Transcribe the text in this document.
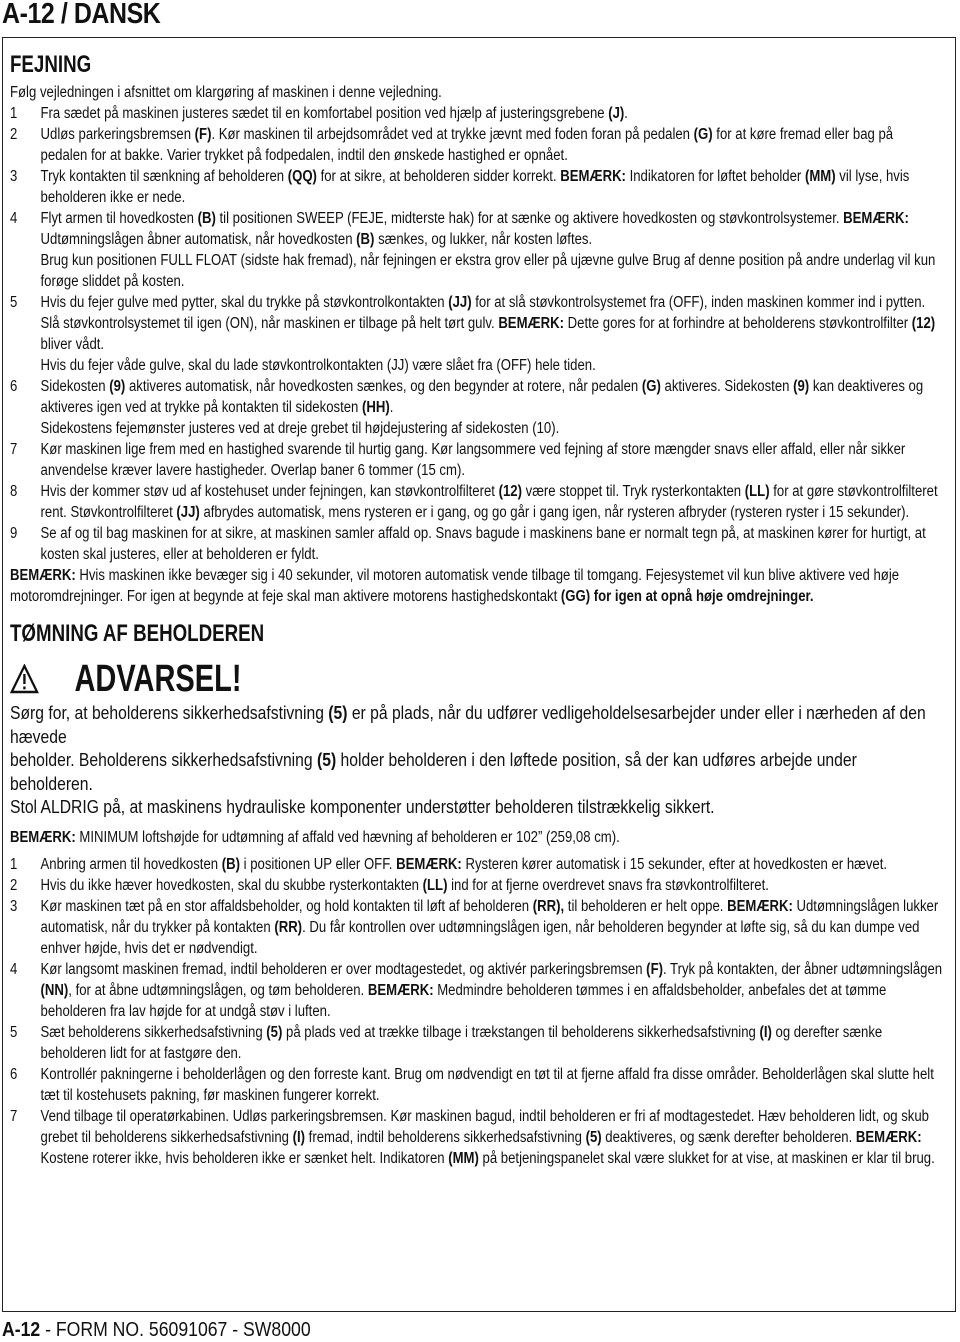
A-12 / DANSK
FEJNING

Følg vejledningen i afsnittet om klargøring af maskinen i denne vejledning.

1 Fra sædet på maskinen justeres sædet til en komfortabel position ved hjælp af justeringsgrebene (J).

2 Udløs parkeringsbremsen (F). Kør maskinen til arbejdsområdet ved at trykke jævnt med foden foran på pedalen (G) for at køre fremad eller bag på pedalen for at bakke. Varier trykket på fodpedalen, indtil den ønskede hastighed er opnået.

3 Tryk kontakten til sænkning af beholderen (QQ) for at sikre, at beholderen sidder korrekt. BEMÆRK: Indikatoren for løftet beholder (MM) vil lyse, hvis beholderen ikke er nede.

4 Flyt armen til hovedkosten (B) til positionen SWEEP (FEJE, midterste hak) for at sænke og aktivere hovedkosten og støvkontrolsystemer. BEMÆRK: Udtømningslågen åbner automatisk, når hovedkosten (B) sænkes, og lukker, når kosten løftes.
Brug kun positionen FULL FLOAT (sidste hak fremad), når fejningen er ekstra grov eller på ujævne gulve Brug af denne position på andre underlag vil kun forøge sliddet på kosten.

5 Hvis du fejer gulve med pytter, skal du trykke på støvkontrolkontakten (JJ) for at slå støvkontrolsystemet fra (OFF), inden maskinen kommer ind i pytten. Slå støvkontrolsystemet til igen (ON), når maskinen er tilbage på helt tørt gulv. BEMÆRK: Dette gores for at forhindre at beholderens støvkontrolfilter (12) bliver vådt.
Hvis du fejer våde gulve, skal du lade støvkontrolkontakten (JJ) være slået fra (OFF) hele tiden.

6 Sidekosten (9) aktiveres automatisk, når hovedkosten sænkes, og den begynder at rotere, når pedalen (G) aktiveres. Sidekosten (9) kan deaktiveres og aktiveres igen ved at trykke på kontakten til sidekosten (HH).
Sidekostens fejemønster justeres ved at dreje grebet til højdejustering af sidekosten (10).

7 Kør maskinen lige frem med en hastighed svarende til hurtig gang. Kør langsommere ved fejning af store mængder snavs eller affald, eller når sikker anvendelse kræver lavere hastigheder. Overlap baner 6 tommer (15 cm).

8 Hvis der kommer støv ud af kostehuset under fejningen, kan støvkontrolfilteret (12) være stoppet til. Tryk rysterkontakten (LL) for at gøre støvkontrolfilteret rent. Støvkontrolfilteret (JJ) afbrydes automatisk, mens rysteren er i gang, og go går i gang igen, når rysteren afbryder (rysteren ryster i 15 sekunder).

9 Se af og til bag maskinen for at sikre, at maskinen samler affald op. Snavs bagude i maskinens bane er normalt tegn på, at maskinen kører for hurtigt, at kosten skal justeres, eller at beholderen er fyldt.

BEMÆRK: Hvis maskinen ikke bevæger sig i 40 sekunder, vil motoren automatisk vende tilbage til tomgang. Fejesystemet vil kun blive aktivere ved høje motoromdrejninger. For igen at begynde at feje skal man aktivere motorens hastighedskontakt (GG) for igen at opnå høje omdrejninger.

TØMNING AF BEHOLDEREN
ADVARSEL!

Sørg for, at beholderens sikkerhedsafstivning (5) er på plads, når du udfører vedligeholdelsesarbejder under eller i nærheden af den hævede

beholder. Beholderens sikkerhedsafstivning (5) holder beholderen i den løftede position, så der kan udføres arbejde under beholderen.

Stol ALDRIG på, at maskinens hydrauliske komponenter understøtter beholderen tilstrækkelig sikkert.

BEMÆRK: MINIMUM loftshøjde for udtømning af affald ved hævning af beholderen er 102” (259,08 cm).

1 Anbring armen til hovedkosten (B) i positionen UP eller OFF. BEMÆRK: Rysteren kører automatisk i 15 sekunder, efter at hovedkosten er hævet.

2 Hvis du ikke hæver hovedkosten, skal du skubbe rysterkontakten (LL) ind for at fjerne overdrevet snavs fra støvkontrolfilteret.

3 Kør maskinen tæt på en stor affaldsbeholder, og hold kontakten til løft af beholderen (RR), til beholderen er helt oppe. BEMÆRK: Udtømningslågen lukker automatisk, når du trykker på kontakten (RR). Du får kontrollen over udtømningslågen igen, når beholderen begynder at løfte sig, så du kan dumpe ved enhver højde, hvis det er nødvendigt.

4 Kør langsomt maskinen fremad, indtil beholderen er over modtagestedet, og aktivér parkeringsbremsen (F). Tryk på kontakten, der åbner udtømningslågen (NN), for at åbne udtømningslågen, og tøm beholderen. BEMÆRK: Medmindre beholderen tømmes i en affaldsbeholder, anbefales det at tømme beholderen fra lav højde for at undgå støv i luften.

5 Sæt beholderens sikkerhedsafstivning (5) på plads ved at trække tilbage i trækstangen til beholderens sikkerhedsafstivning (I) og derefter sænke beholderen lidt for at fastgøre den.

6 Kontrollér pakningerne i beholderlågen og den forreste kant. Brug om nødvendigt en tøt til at fjerne affald fra disse områder. Beholderlågen skal slutte helt tæt til kostehusets pakning, før maskinen fungerer korrekt.

7 Vend tilbage til operatørkabinen. Udløs parkeringsbremsen. Kør maskinen bagud, indtil beholderen er fri af modtagestedet. Hæv beholderen lidt, og skub grebet til beholderens sikkerhedsafstivning (I) fremad, indtil beholderens sikkerhedsafstivning (5) deaktiveres, og sænk derefter beholderen. BEMÆRK: Kostene roterer ikke, hvis beholderen ikke er sænket helt. Indikatoren (MM) på betjeningspanelet skal være slukket for at vise, at maskinen er klar til brug.

A-12 - FORM NO. 56091067 - SW8000
